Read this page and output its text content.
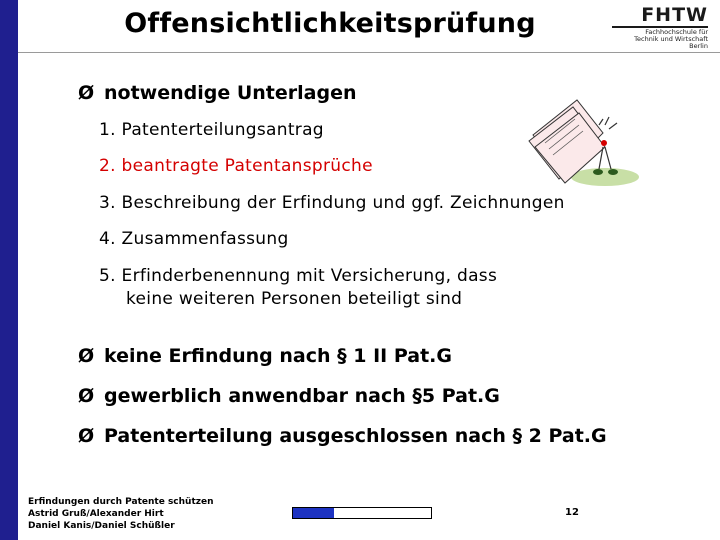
Offensichtlichkeitsprüfung	FHTW
Fachhochschule für
Technik und Wirtschaft
Berlin
Ø notwendige Unterlagen
1. Patenterteilungsantrag
2. beantragte Patentansprüche
3. Beschreibung der Erfindung und ggf. Zeichnungen
4. Zusammenfassung
5. Erfinderbenennung mit Versicherung, dass
keine weiteren Personen beteiligt sind
Ø keine Erfindung nach § 1 II Pat.G
Ø gewerblich anwendbar nach §5 Pat.G
Ø Patenterteilung ausgeschlossen nach § 2 Pat.G
Erfindungen durch Patente schützen
Astrid Gruß/Alexander Hirt
Daniel Kanis/Daniel Schüßler
12
